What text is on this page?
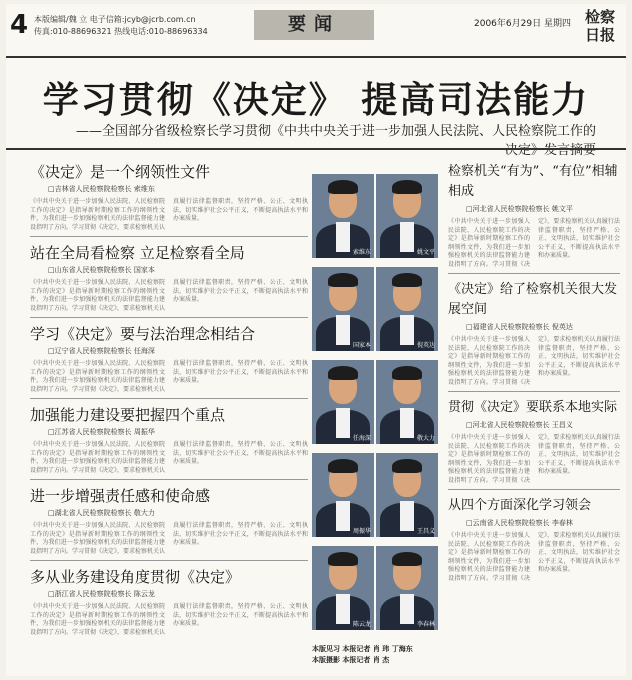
4 本版编辑/魏 立 电子信箱:jcyb@jcrb.com.cn
传真:010-88696321 热线电话:010-88696334	要闻	2006年6月29日 星期四 检察日报
学习贯彻《决定》 提高司法能力
——全国部分省级检察长学习贯彻《中共中央关于进一步加强人民法院、人民检察院工作的决定》发言摘要
《决定》是一个纲领性文件
□吉林省人民检察院检察长 索维东
《中共中央关于进一步加强人民法院、人民检察院工作的决定》是指导新时期检察工作的纲领性文件，为我们进一步加强检察机关的法律监督能力建设指明了方向。学习贯彻《决定》，要求检察机关认真履行法律监督职责，坚持严格、公正、文明执法，切实维护社会公平正义，不断提高执法水平和办案质量。
站在全局看检察 立足检察看全局
□山东省人民检察院检察长 国家本
《中共中央关于进一步加强人民法院、人民检察院工作的决定》是指导新时期检察工作的纲领性文件，为我们进一步加强检察机关的法律监督能力建设指明了方向。学习贯彻《决定》，要求检察机关认真履行法律监督职责，坚持严格、公正、文明执法，切实维护社会公平正义，不断提高执法水平和办案质量。
学习《决定》要与法治理念相结合
□辽宁省人民检察院检察长 任海深
《中共中央关于进一步加强人民法院、人民检察院工作的决定》是指导新时期检察工作的纲领性文件，为我们进一步加强检察机关的法律监督能力建设指明了方向。学习贯彻《决定》，要求检察机关认真履行法律监督职责，坚持严格、公正、文明执法，切实维护社会公平正义，不断提高执法水平和办案质量。
加强能力建设要把握四个重点
□江苏省人民检察院检察长 周振华
《中共中央关于进一步加强人民法院、人民检察院工作的决定》是指导新时期检察工作的纲领性文件，为我们进一步加强检察机关的法律监督能力建设指明了方向。学习贯彻《决定》，要求检察机关认真履行法律监督职责，坚持严格、公正、文明执法，切实维护社会公平正义，不断提高执法水平和办案质量。
进一步增强责任感和使命感
□湖北省人民检察院检察长 敬大力
《中共中央关于进一步加强人民法院、人民检察院工作的决定》是指导新时期检察工作的纲领性文件，为我们进一步加强检察机关的法律监督能力建设指明了方向。学习贯彻《决定》，要求检察机关认真履行法律监督职责，坚持严格、公正、文明执法，切实维护社会公平正义，不断提高执法水平和办案质量。
多从业务建设角度贯彻《决定》
□浙江省人民检察院检察长 陈云龙
《中共中央关于进一步加强人民法院、人民检察院工作的决定》是指导新时期检察工作的纲领性文件，为我们进一步加强检察机关的法律监督能力建设指明了方向。学习贯彻《决定》，要求检察机关认真履行法律监督职责，坚持严格、公正、文明执法，切实维护社会公平正义，不断提高执法水平和办案质量。
索维东	姚文平

国家本	倪英达

任海深	敬大力

周振华	王昌义

陈云龙	李春林
本版见习 本报记者 肖 玮 丁海东
本版摄影 本报记者 肖 杰
检察机关“有为”、“有位”相辅相成
□河北省人民检察院检察长 姚文平
《中共中央关于进一步加强人民法院、人民检察院工作的决定》是指导新时期检察工作的纲领性文件，为我们进一步加强检察机关的法律监督能力建设指明了方向。学习贯彻《决定》，要求检察机关认真履行法律监督职责，坚持严格、公正、文明执法，切实维护社会公平正义，不断提高执法水平和办案质量。
《决定》给了检察机关很大发展空间
□福建省人民检察院检察长 倪英达
《中共中央关于进一步加强人民法院、人民检察院工作的决定》是指导新时期检察工作的纲领性文件，为我们进一步加强检察机关的法律监督能力建设指明了方向。学习贯彻《决定》，要求检察机关认真履行法律监督职责，坚持严格、公正、文明执法，切实维护社会公平正义，不断提高执法水平和办案质量。
贯彻《决定》要联系本地实际
□河北省人民检察院检察长 王昌义
《中共中央关于进一步加强人民法院、人民检察院工作的决定》是指导新时期检察工作的纲领性文件，为我们进一步加强检察机关的法律监督能力建设指明了方向。学习贯彻《决定》，要求检察机关认真履行法律监督职责，坚持严格、公正、文明执法，切实维护社会公平正义，不断提高执法水平和办案质量。
从四个方面深化学习领会
□云南省人民检察院检察长 李春林
《中共中央关于进一步加强人民法院、人民检察院工作的决定》是指导新时期检察工作的纲领性文件，为我们进一步加强检察机关的法律监督能力建设指明了方向。学习贯彻《决定》，要求检察机关认真履行法律监督职责，坚持严格、公正、文明执法，切实维护社会公平正义，不断提高执法水平和办案质量。
